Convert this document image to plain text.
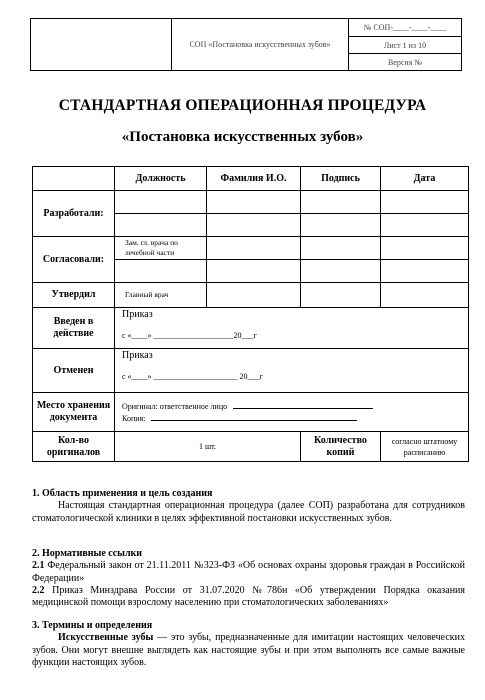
	СОП «Постановка искусственных зубов»	№ СОП-____-____-____
Лист 1 из 10
Версия №
СТАНДАРТНАЯ ОПЕРАЦИОННАЯ ПРОЦЕДУРА
«Постановка искусственных зубов»
	Должность	Фамилия И.О.	Подпись	Дата
Разработали:				

Согласовали:	Зам. гл. врача по лечебной части			

Утвердил	Главный врач			

Введен в действие	Приказ
с «____» ____________________20___г			

Отменен	Приказ
с «____» _____________________ 20___г			

Место хранения документа	Оригинал: ответственное лицо
Копия:			

Кол-во оригиналов	1 шт.		Количество копий	согласно штатному расписанию
1. Область применения и цель создания
Настоящая стандартная операционная процедура (далее СОП) разработана для сотрудников стоматологической клиники в целях эффективной постановки искусственных зубов.
2. Нормативные ссылки
2.1 Федеральный закон от 21.11.2011 №323-ФЗ «Об основах охраны здоровья граждан в Российской Федерации»
2.2 Приказ Минздрава России от 31.07.2020 №786н «Об утверждении Порядка оказания медицинской помощи взрослому населению при стоматологических заболеваниях»
3. Термины и определения
Искусственные зубы — это зубы, предназначенные для имитации настоящих человеческих зубов. Они могут внешне выглядеть как настоящие зубы и при этом выполнять все самые важные функции настоящих зубов.
